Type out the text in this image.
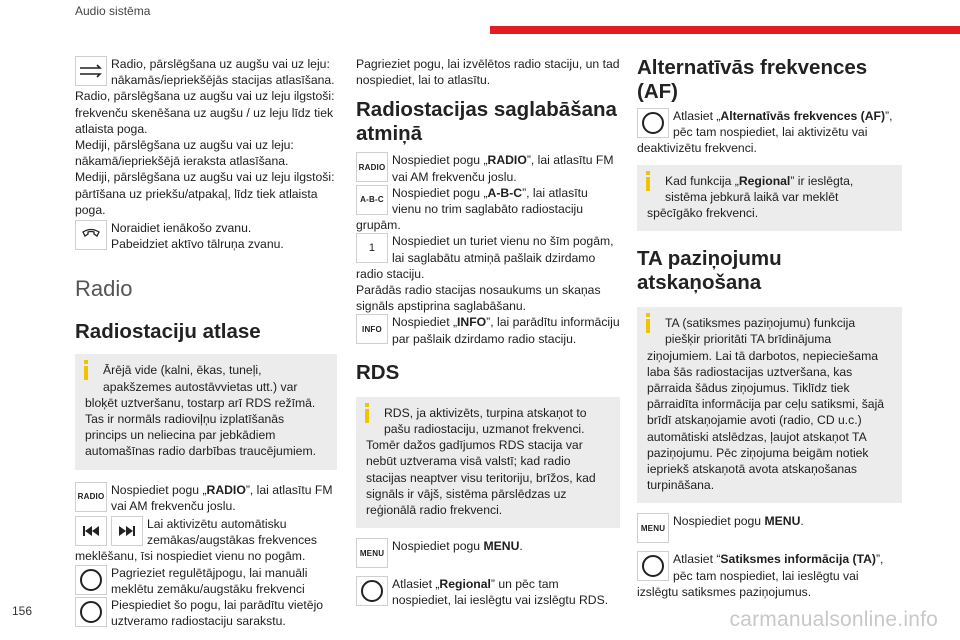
Audio sistēma
Radio, pārslēgšana uz augšu vai uz leju:
nākamās/iepriekšējās stacijas atlasīšana.

Radio, pārslēgšana uz augšu vai uz leju ilgstoši: frekvenču skenēšana uz augšu / uz leju līdz tiek atlaista poga.

Mediji, pārslēgšana uz augšu vai uz leju: nākamā/iepriekšējā ieraksta atlasīšana.

Mediji, pārslēgšana uz augšu vai uz leju ilgstoši: pārtīšana uz priekšu/atpakaļ, līdz tiek atlaista poga.

Noraidiet ienākošo zvanu.
Pabeidziet aktīvo tālruņa zvanu.
Radio
Radiostaciju atlase

Ārējā vide (kalni, ēkas, tuneļi, apakšzemes autostāvvietas utt.) var

bloķēt uztveršanu, tostarp arī RDS režīmā. Tas ir normāls radioviļņu izplatīšanās princips un neliecina par jebkādiem automašīnas radio darbības traucējumiem.

RADIO Nospiediet pogu „RADIO”, lai atlasītu FM vai AM frekvenču joslu.
Lai aktivizētu automātisku zemākas/augstākas frekvences

meklēšanu, īsi nospiediet vienu no pogām.

Pagrieziet regulētājpogu, lai manuāli meklētu zemāku/augstāku frekvenci
Piespiediet šo pogu, lai parādītu vietējo uztveramo radiostaciju sarakstu.

Pagrieziet pogu, lai izvēlētos radio staciju, un tad nospiediet, lai to atlasītu.

Radiostacijas saglabāšana atmiņā
RADIO Nospiediet pogu „RADIO”, lai atlasītu FM vai AM frekvenču joslu.
A-B-C Nospiediet pogu „A-B-C”, lai atlasītu vienu no trim saglabāto radiostaciju

grupām.

1	Nospiediet un turiet vienu no šīm pogām, lai saglabātu atmiņā pašlaik dzirdamo

radio staciju.

Parādās radio stacijas nosaukums un skaņas signāls apstiprina saglabāšanu.

INFO Nospiediet „INFO”, lai parādītu informāciju par pašlaik dzirdamo radio staciju.
RDS

RDS, ja aktivizēts, turpina atskaņot to pašu radiostaciju, uzmanot frekvenci.

Tomēr dažos gadījumos RDS stacija var nebūt uztverama visā valstī; kad radio stacijas neaptver visu teritoriju, brīžos, kad signāls ir vājš, sistēma pārslēdzas uz reģionālā radio frekvenci.

MENU Nospiediet pogu MENU.
Atlasiet „Regional” un pēc tam nospiediet, lai ieslēgtu vai izslēgtu RDS.
Alternatīvās frekvences (AF)
Atlasiet „Alternatīvās frekvences (AF)”, pēc tam nospiediet, lai aktivizētu vai

deaktivizētu frekvenci.

Kad funkcija „Regional” ir ieslēgta, sistēma jebkurā laikā var meklēt

spēcīgāko frekvenci.

TA paziņojumu atskaņošana

TA (satiksmes paziņojumu) funkcija piešķir prioritāti TA brīdinājuma

ziņojumiem. Lai tā darbotos, nepieciešama laba šās radiostacijas uztveršana, kas pārraida šādus ziņojumus. Tiklīdz tiek pārraidīta informācija par ceļu satiksmi, šajā brīdī atskaņojamie avoti (radio, CD u.c.) automātiski atslēdzas, ļaujot atskaņot TA paziņojumu. Pēc ziņojuma beigām notiek iepriekš atskaņotā avota atskaņošanas turpināšana.

MENU Nospiediet pogu MENU.
Atlasiet “Satiksmes informācija (TA)”, pēc tam nospiediet, lai ieslēgtu vai

izslēgtu satiksmes paziņojumus.

156	carmanualsonline.info
